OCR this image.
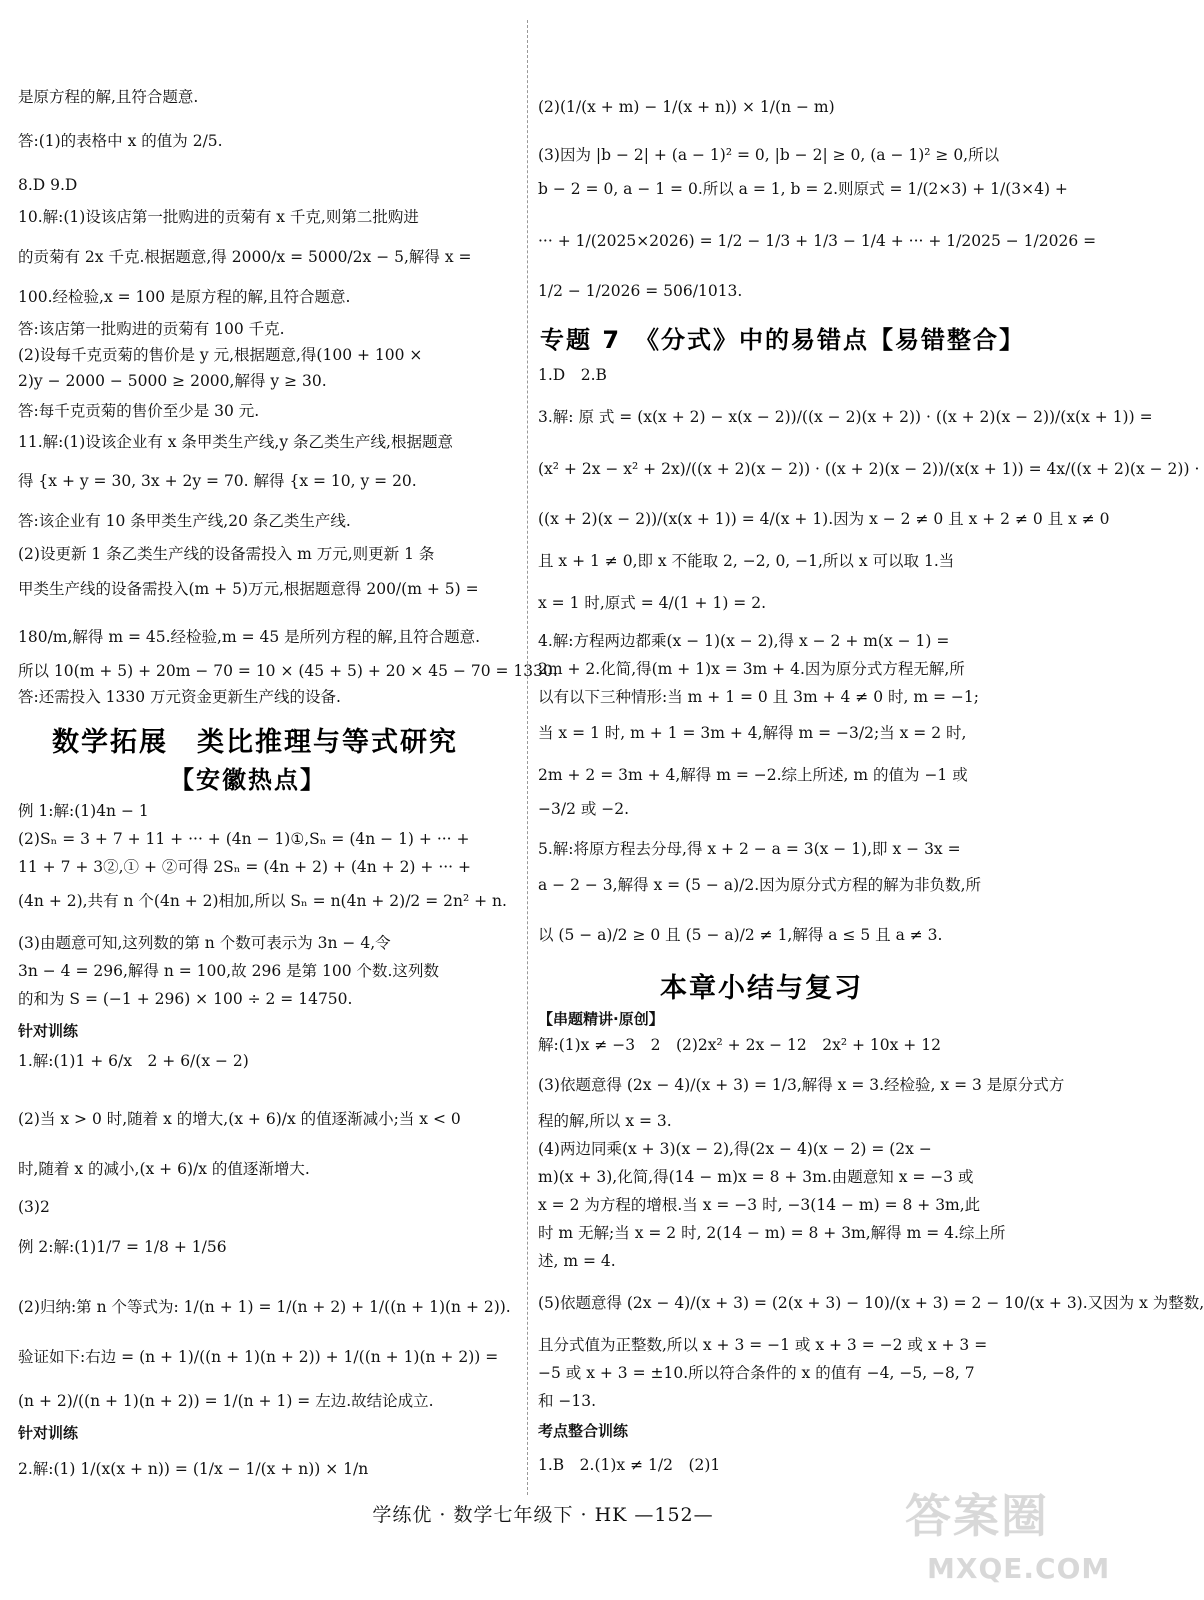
是原方程的解,且符合题意.
答:(1)的表格中 x 的值为 2/5.
8.D 9.D
10.解:(1)设该店第一批购进的贡菊有 x 千克,则第二批购进
的贡菊有 2x 千克.根据题意,得 2000/x = 5000/2x − 5,解得 x =
100.经检验,x = 100 是原方程的解,且符合题意.
答:该店第一批购进的贡菊有 100 千克.
(2)设每千克贡菊的售价是 y 元,根据题意,得(100 + 100 ×
2)y − 2000 − 5000 ≥ 2000,解得 y ≥ 30.
答:每千克贡菊的售价至少是 30 元.
11.解:(1)设该企业有 x 条甲类生产线,y 条乙类生产线,根据题意
得 {x + y = 30, 3x + 2y = 70. 解得 {x = 10, y = 20.
答:该企业有 10 条甲类生产线,20 条乙类生产线.
(2)设更新 1 条乙类生产线的设备需投入 m 万元,则更新 1 条
甲类生产线的设备需投入(m + 5)万元,根据题意得 200/(m + 5) =
180/m,解得 m = 45.经检验,m = 45 是所列方程的解,且符合题意.
所以 10(m + 5) + 20m − 70 = 10 × (45 + 5) + 20 × 45 − 70 = 1330.
答:还需投入 1330 万元资金更新生产线的设备.
数学拓展　类比推理与等式研究
【安徽热点】
例 1:解:(1)4n − 1
(2)Sₙ = 3 + 7 + 11 + ··· + (4n − 1)①,Sₙ = (4n − 1) + ··· +
11 + 7 + 3②,① + ②可得 2Sₙ = (4n + 2) + (4n + 2) + ··· +
(4n + 2),共有 n 个(4n + 2)相加,所以 Sₙ = n(4n + 2)/2 = 2n² + n.
(3)由题意可知,这列数的第 n 个数可表示为 3n − 4,令
3n − 4 = 296,解得 n = 100,故 296 是第 100 个数.这列数
的和为 S = (−1 + 296) × 100 ÷ 2 = 14750.
针对训练
1.解:(1)1 + 6/x　2 + 6/(x − 2)
(2)当 x > 0 时,随着 x 的增大,(x + 6)/x 的值逐渐减小;当 x < 0
时,随着 x 的减小,(x + 6)/x 的值逐渐增大.
(3)2
例 2:解:(1)1/7 = 1/8 + 1/56
(2)归纳:第 n 个等式为: 1/(n + 1) = 1/(n + 2) + 1/((n + 1)(n + 2)).
验证如下:右边 = (n + 1)/((n + 1)(n + 2)) + 1/((n + 1)(n + 2)) =
(n + 2)/((n + 1)(n + 2)) = 1/(n + 1) = 左边.故结论成立.
针对训练
2.解:(1) 1/(x(x + n)) = (1/x − 1/(x + n)) × 1/n
(2)(1/(x + m) − 1/(x + n)) × 1/(n − m)
(3)因为 |b − 2| + (a − 1)² = 0, |b − 2| ≥ 0, (a − 1)² ≥ 0,所以
b − 2 = 0, a − 1 = 0.所以 a = 1, b = 2.则原式 = 1/(2×3) + 1/(3×4) +
··· + 1/(2025×2026) = 1/2 − 1/3 + 1/3 − 1/4 + ··· + 1/2025 − 1/2026 =
1/2 − 1/2026 = 506/1013.
专题 7　《分式》中的易错点【易错整合】
1.D　2.B
3.解: 原 式 = (x(x + 2) − x(x − 2))/((x − 2)(x + 2)) · ((x + 2)(x − 2))/(x(x + 1)) =
(x² + 2x − x² + 2x)/((x + 2)(x − 2)) · ((x + 2)(x − 2))/(x(x + 1)) = 4x/((x + 2)(x − 2)) ·
((x + 2)(x − 2))/(x(x + 1)) = 4/(x + 1).因为 x − 2 ≠ 0 且 x + 2 ≠ 0 且 x ≠ 0
且 x + 1 ≠ 0,即 x 不能取 2, −2, 0, −1,所以 x 可以取 1.当
x = 1 时,原式 = 4/(1 + 1) = 2.
4.解:方程两边都乘(x − 1)(x − 2),得 x − 2 + m(x − 1) =
2m + 2.化简,得(m + 1)x = 3m + 4.因为原分式方程无解,所
以有以下三种情形:当 m + 1 = 0 且 3m + 4 ≠ 0 时, m = −1;
当 x = 1 时, m + 1 = 3m + 4,解得 m = −3/2;当 x = 2 时,
2m + 2 = 3m + 4,解得 m = −2.综上所述, m 的值为 −1 或
−3/2 或 −2.
5.解:将原方程去分母,得 x + 2 − a = 3(x − 1),即 x − 3x =
a − 2 − 3,解得 x = (5 − a)/2.因为原分式方程的解为非负数,所
以 (5 − a)/2 ≥ 0 且 (5 − a)/2 ≠ 1,解得 a ≤ 5 且 a ≠ 3.
本章小结与复习
【串题精讲·原创】
解:(1)x ≠ −3　2　(2)2x² + 2x − 12　2x² + 10x + 12
(3)依题意得 (2x − 4)/(x + 3) = 1/3,解得 x = 3.经检验, x = 3 是原分式方
程的解,所以 x = 3.
(4)两边同乘(x + 3)(x − 2),得(2x − 4)(x − 2) = (2x −
m)(x + 3),化简,得(14 − m)x = 8 + 3m.由题意知 x = −3 或
x = 2 为方程的增根.当 x = −3 时, −3(14 − m) = 8 + 3m,此
时 m 无解;当 x = 2 时, 2(14 − m) = 8 + 3m,解得 m = 4.综上所
述, m = 4.
(5)依题意得 (2x − 4)/(x + 3) = (2(x + 3) − 10)/(x + 3) = 2 − 10/(x + 3).又因为 x 为整数,
且分式值为正整数,所以 x + 3 = −1 或 x + 3 = −2 或 x + 3 =
−5 或 x + 3 = ±10.所以符合条件的 x 的值有 −4, −5, −8, 7
和 −13.
考点整合训练
1.B　2.(1)x ≠ 1/2　(2)1
学练优 · 数学七年级下 · HK —152—	答案圈
MXQE.COM
